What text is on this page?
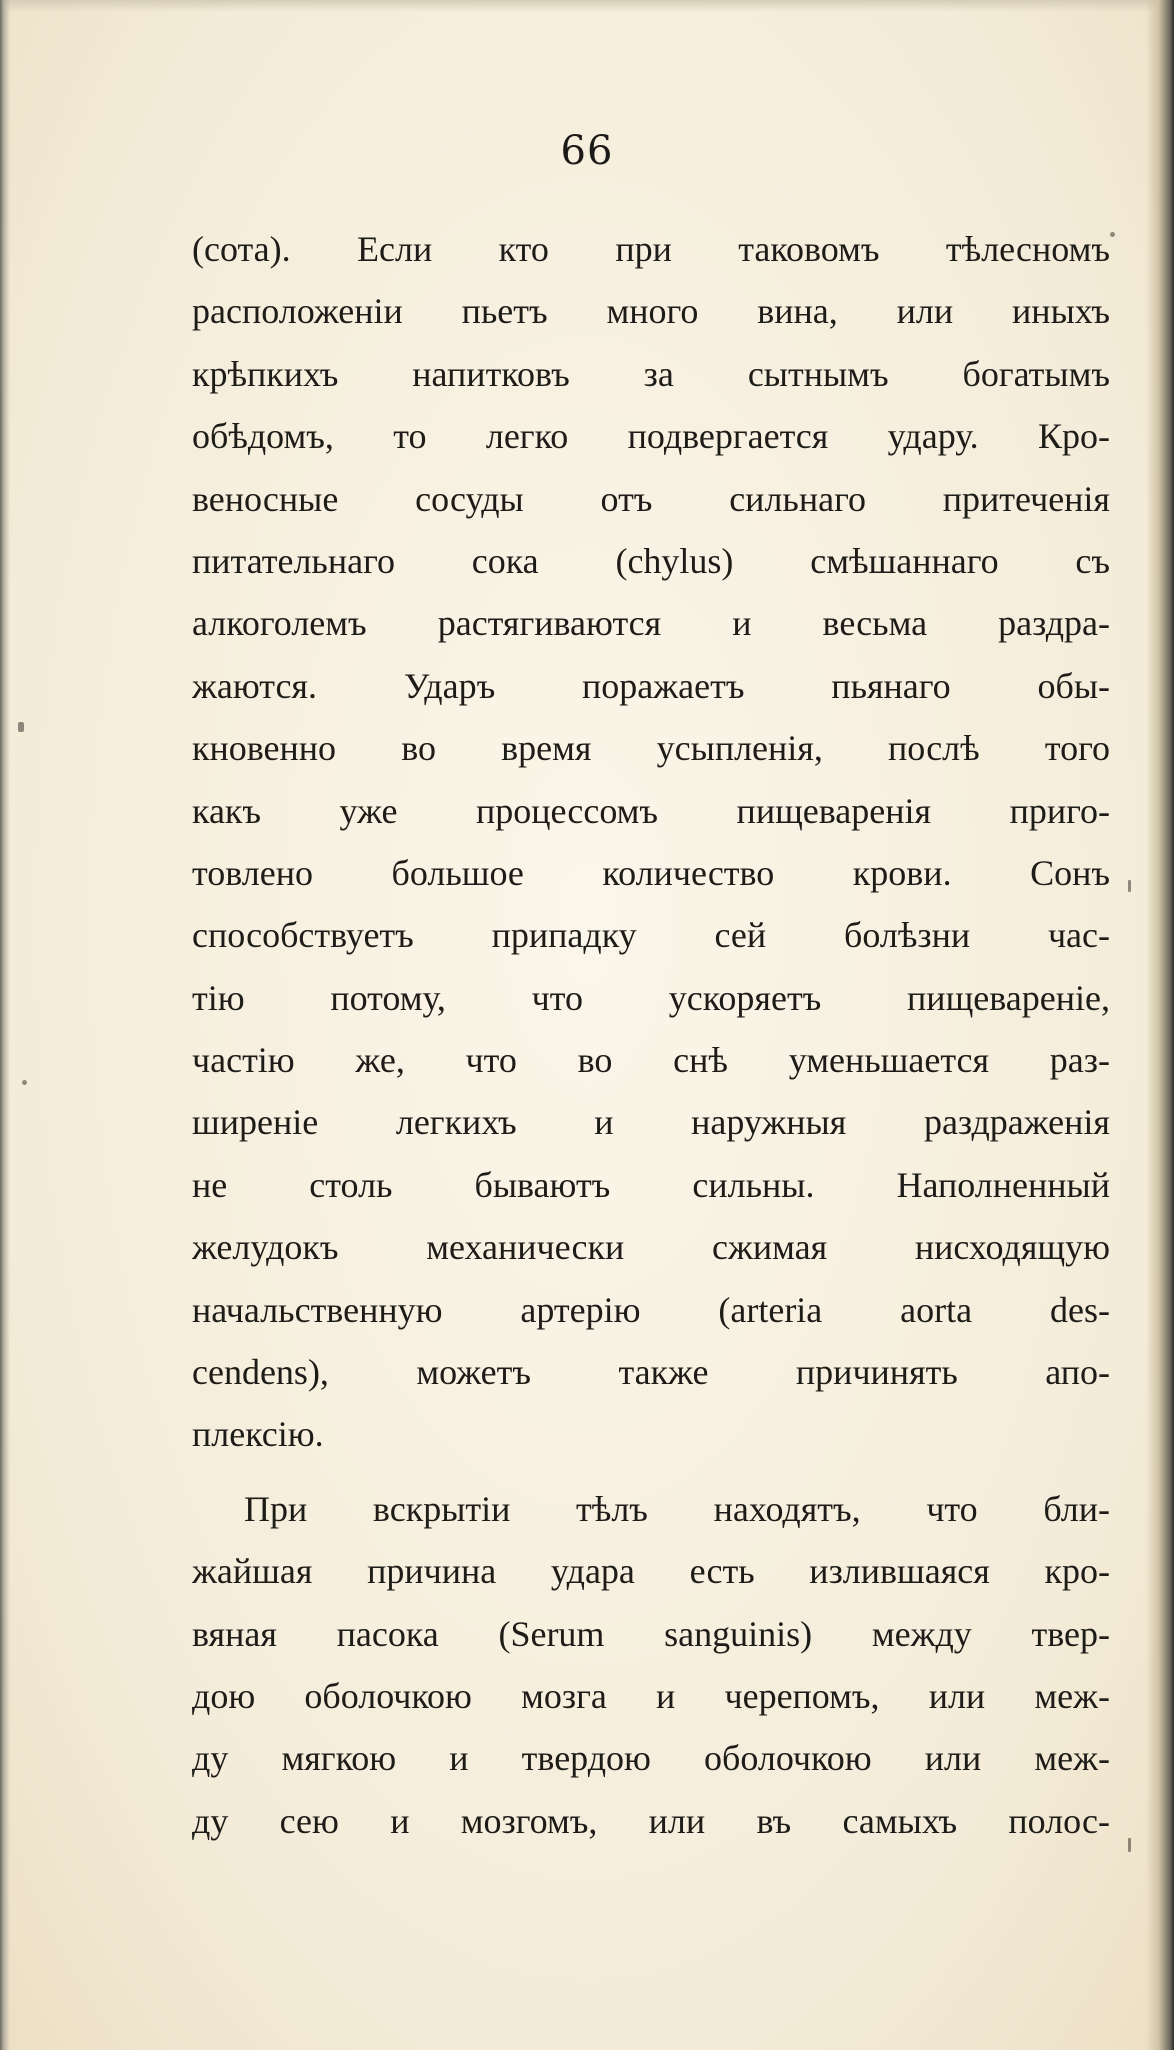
66
(сота). Если кто при таковомъ тѣлесномъ
расположеніи пьетъ много вина, или иныхъ
крѣпкихъ напитковъ за сытнымъ богатымъ
обѣдомъ, то легко подвергается удару. Кро-
веносные сосуды отъ сильнаго притеченія
питательнаго сока (chylus) смѣшаннаго съ
алкоголемъ растягиваются и весьма раздра-
жаются. Ударъ поражаетъ пьянаго обы-
кновенно во время усыпленія, послѣ того
какъ уже процессомъ пищеваренія приго-
товлено большое количество крови. Сонъ
способствуетъ припадку сей болѣзни час-
тію потому, что ускоряетъ пищевареніе,
частію же, что во снѣ уменьшается раз-
ширеніе легкихъ и наружныя раздраженія
не столь бываютъ сильны. Наполненный
желудокъ механически сжимая нисходящую
начальственную артерію (arteria aorta des-
cendens), можетъ также причинять апо-
плексію.
При вскрытіи тѣлъ находятъ, что бли-
жайшая причина удара есть излившаяся кро-
вяная пасока (Serum sanguinis) между твер-
дою оболочкою мозга и черепомъ, или меж-
ду мягкою и твердою оболочкою или меж-
ду сею и мозгомъ, или въ самыхъ полос-
